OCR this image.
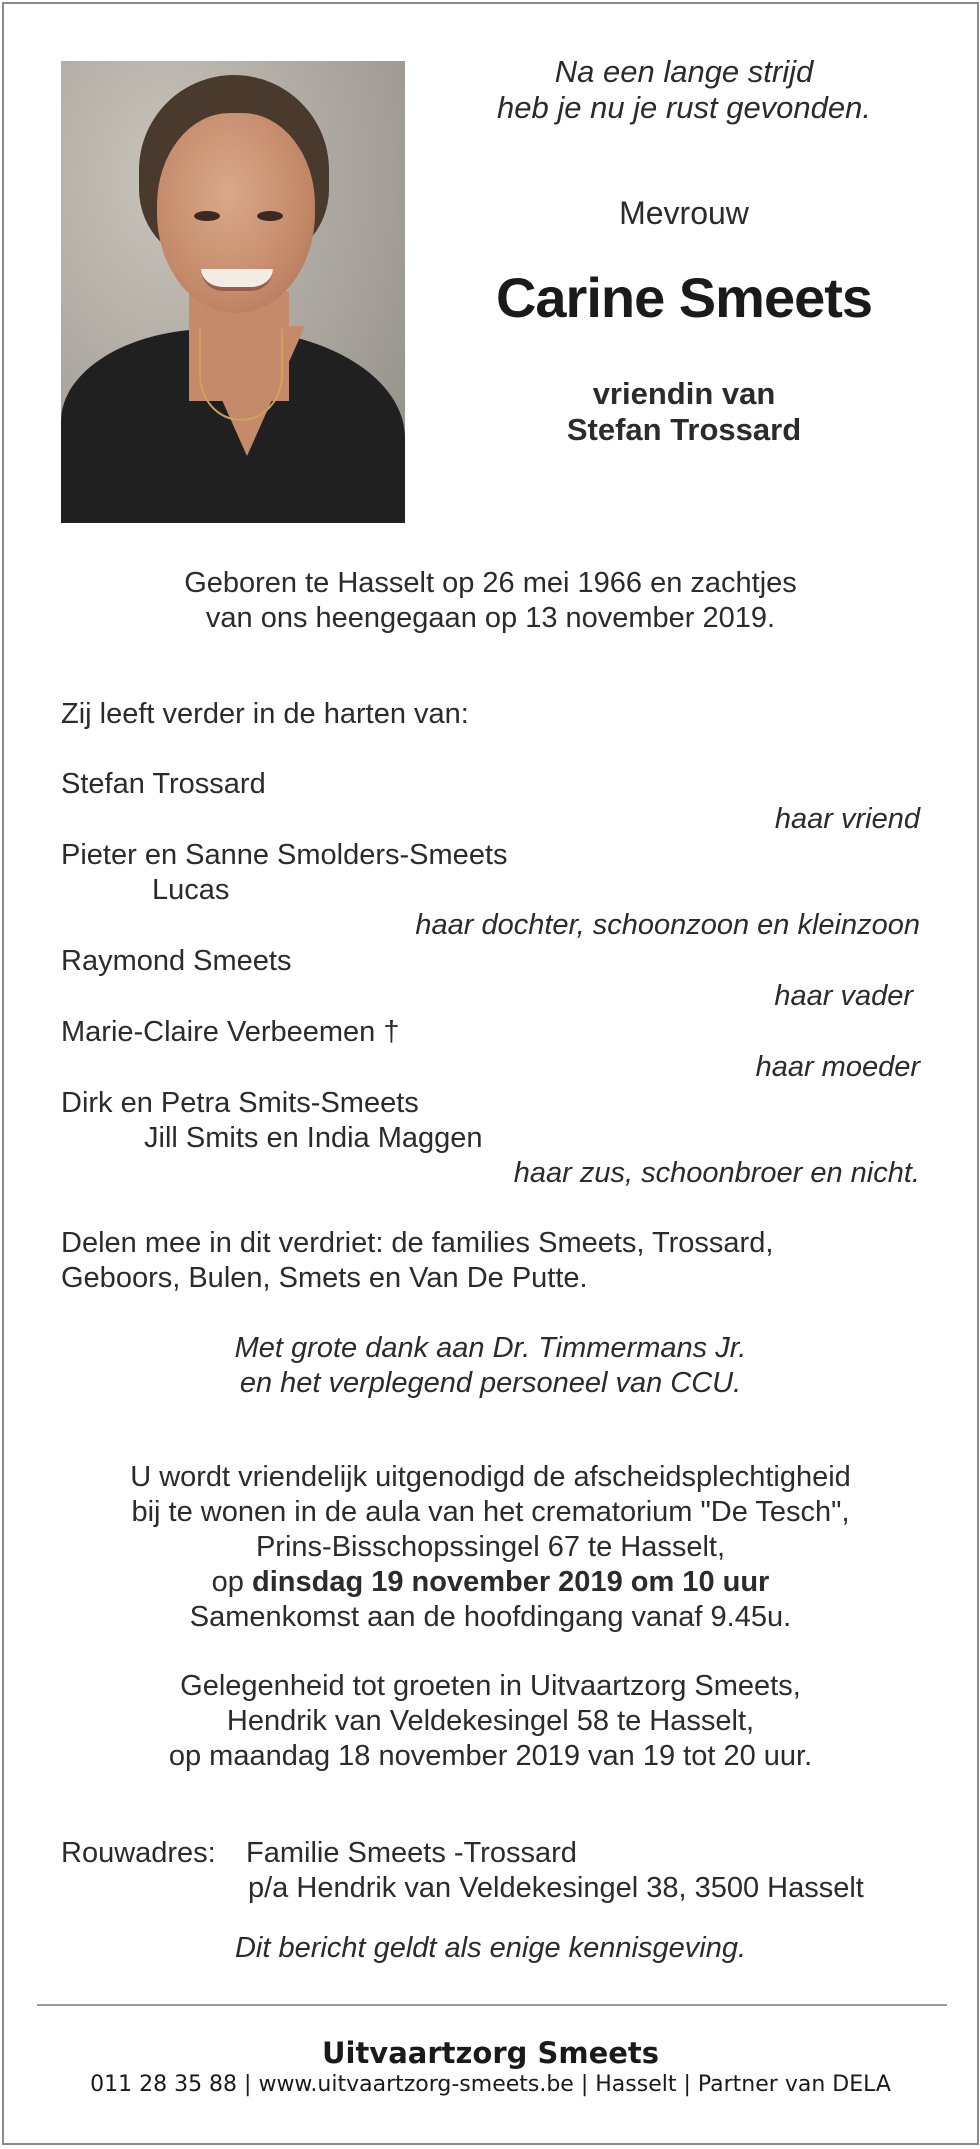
Na een lange strijd
heb je nu je rust gevonden.
Mevrouw
Carine Smeets
vriendin van
Stefan Trossard
Geboren te Hasselt op 26 mei 1966 en zachtjes
van ons heengegaan op 13 november 2019.
Zij leeft verder in de harten van:
Stefan Trossard
haar vriend
Pieter en Sanne Smolders-Smeets
Lucas
haar dochter, schoonzoon en kleinzoon
Raymond Smeets
haar vader
Marie-Claire Verbeemen †
haar moeder
Dirk en Petra Smits-Smeets
Jill Smits en India Maggen
haar zus, schoonbroer en nicht.
Delen mee in dit verdriet: de families Smeets, Trossard,
Geboors, Bulen, Smets en Van De Putte.
Met grote dank aan Dr. Timmermans Jr.
en het verplegend personeel van CCU.
U wordt vriendelijk uitgenodigd de afscheidsplechtigheid
bij te wonen in de aula van het crematorium "De Tesch",
Prins-Bisschopssingel 67 te Hasselt,
op dinsdag 19 november 2019 om 10 uur
Samenkomst aan de hoofdingang vanaf 9.45u.
Gelegenheid tot groeten in Uitvaartzorg Smeets,
Hendrik van Veldekesingel 58 te Hasselt,
op maandag 18 november 2019 van 19 tot 20 uur.
Rouwadres: Familie Smeets -Trossard
p/a Hendrik van Veldekesingel 38, 3500 Hasselt
Dit bericht geldt als enige kennisgeving.
Uitvaartzorg Smeets
011 28 35 88 | www.uitvaartzorg-smeets.be | Hasselt | Partner van DELA
